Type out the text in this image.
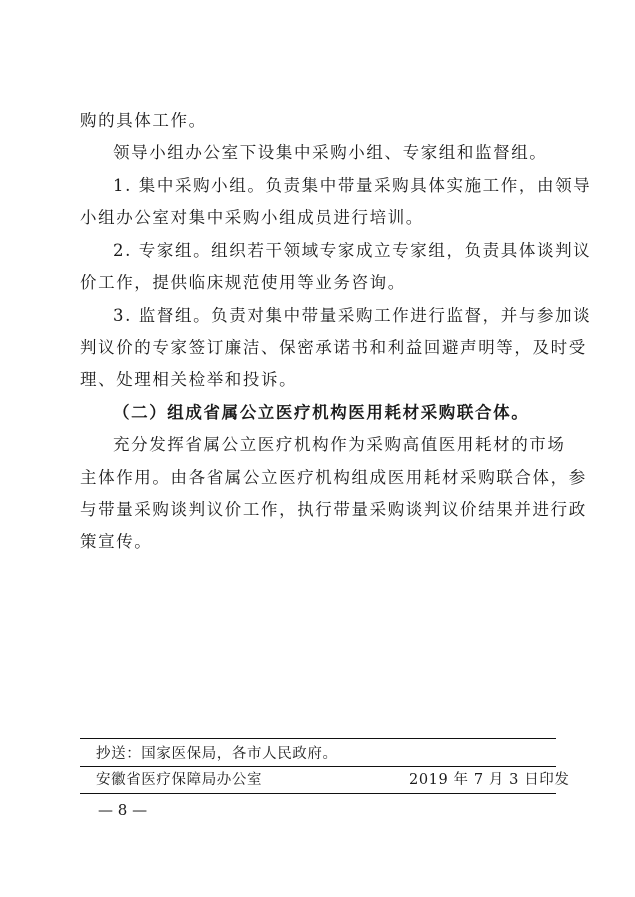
购的具体工作。
领导小组办公室下设集中采购小组、专家组和监督组。
1. 集中采购小组。负责集中带量采购具体实施工作，由领导
小组办公室对集中采购小组成员进行培训。
2. 专家组。组织若干领域专家成立专家组，负责具体谈判议
价工作，提供临床规范使用等业务咨询。
3. 监督组。负责对集中带量采购工作进行监督，并与参加谈
判议价的专家签订廉洁、保密承诺书和利益回避声明等，及时受
理、处理相关检举和投诉。
（二）组成省属公立医疗机构医用耗材采购联合体。
充分发挥省属公立医疗机构作为采购高值医用耗材的市场
主体作用。由各省属公立医疗机构组成医用耗材采购联合体，参
与带量采购谈判议价工作，执行带量采购谈判议价结果并进行政
策宣传。
抄送：国家医保局，各市人民政府。
安徽省医疗保障局办公室	2019 年 7 月 3 日印发
— 8 —
